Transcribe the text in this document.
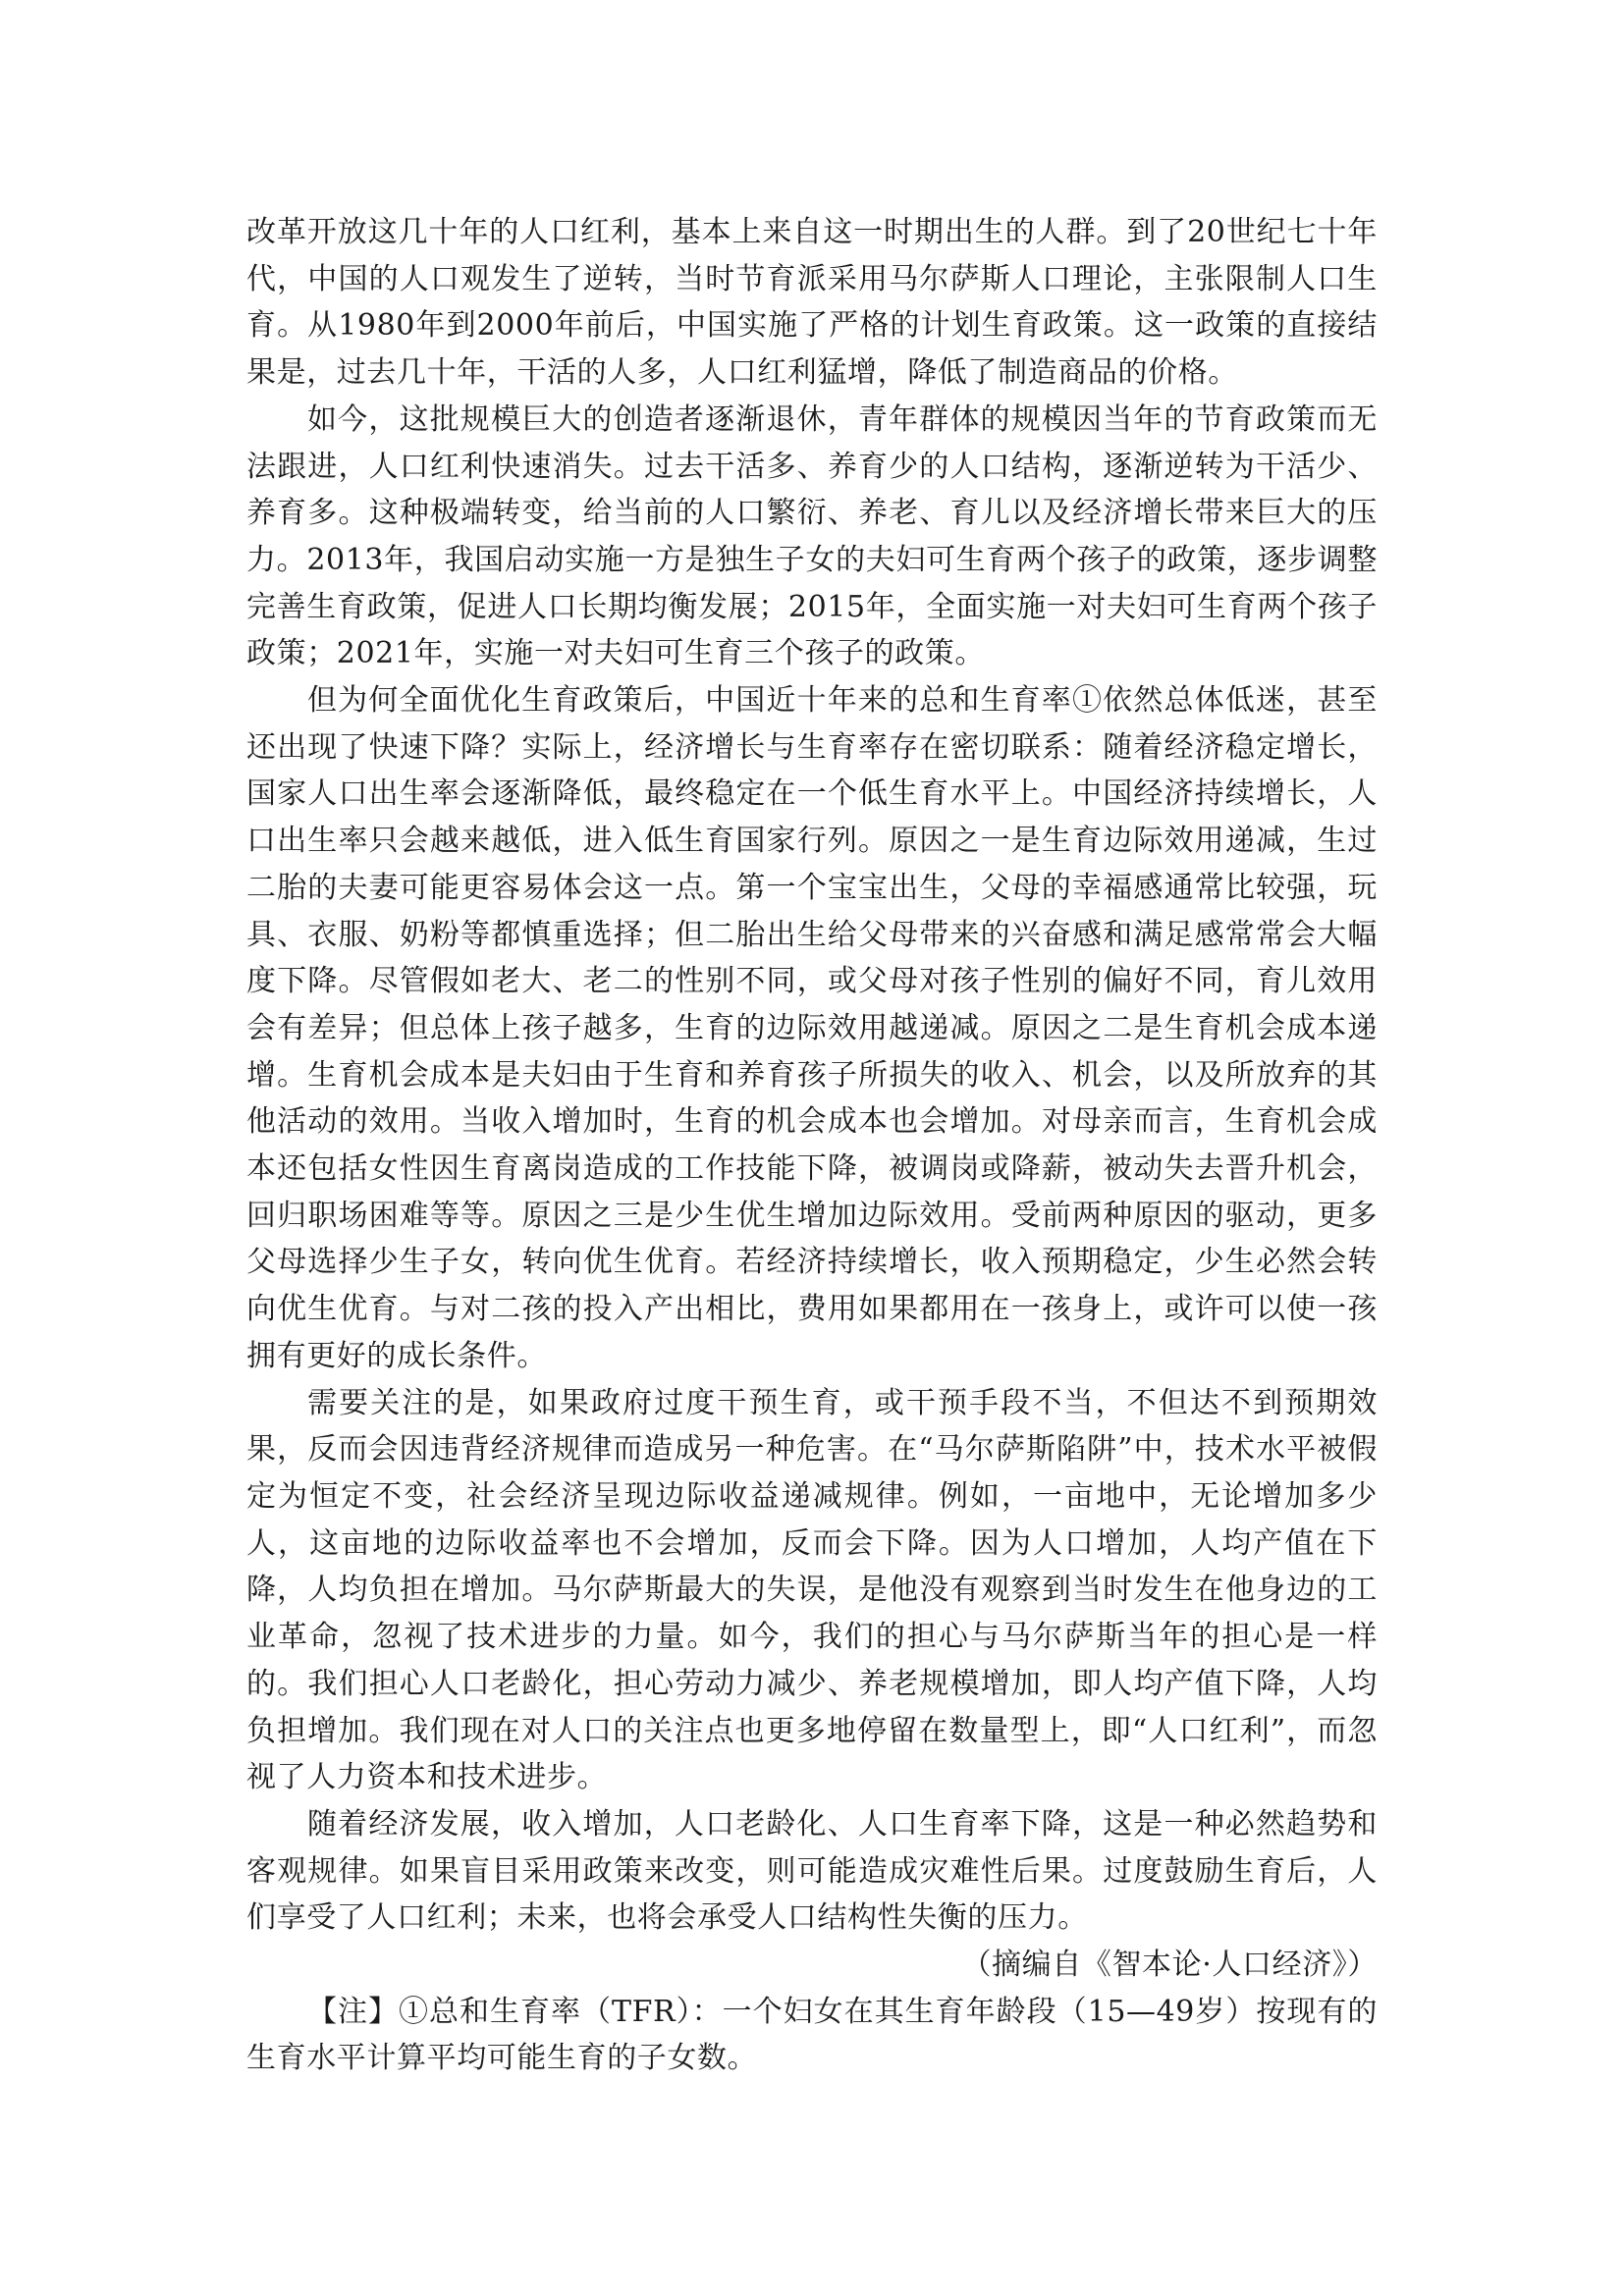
改革开放这几十年的人口红利，基本上来自这一时期出生的人群。到了20世纪七十年代，中国的人口观发生了逆转，当时节育派采用马尔萨斯人口理论，主张限制人口生育。从1980年到2000年前后，中国实施了严格的计划生育政策。这一政策的直接结果是，过去几十年，干活的人多，人口红利猛增，降低了制造商品的价格。

如今，这批规模巨大的创造者逐渐退休，青年群体的规模因当年的节育政策而无法跟进，人口红利快速消失。过去干活多、养育少的人口结构，逐渐逆转为干活少、养育多。这种极端转变，给当前的人口繁衍、养老、育儿以及经济增长带来巨大的压力。2013年，我国启动实施一方是独生子女的夫妇可生育两个孩子的政策，逐步调整完善生育政策，促进人口长期均衡发展；2015年，全面实施一对夫妇可生育两个孩子政策；2021年，实施一对夫妇可生育三个孩子的政策。

但为何全面优化生育政策后，中国近十年来的总和生育率①依然总体低迷，甚至还出现了快速下降？实际上，经济增长与生育率存在密切联系：随着经济稳定增长，国家人口出生率会逐渐降低，最终稳定在一个低生育水平上。中国经济持续增长，人口出生率只会越来越低，进入低生育国家行列。原因之一是生育边际效用递减，生过二胎的夫妻可能更容易体会这一点。第一个宝宝出生，父母的幸福感通常比较强，玩具、衣服、奶粉等都慎重选择；但二胎出生给父母带来的兴奋感和满足感常常会大幅度下降。尽管假如老大、老二的性别不同，或父母对孩子性别的偏好不同，育儿效用会有差异；但总体上孩子越多，生育的边际效用越递减。原因之二是生育机会成本递增。生育机会成本是夫妇由于生育和养育孩子所损失的收入、机会，以及所放弃的其他活动的效用。当收入增加时，生育的机会成本也会增加。对母亲而言，生育机会成本还包括女性因生育离岗造成的工作技能下降，被调岗或降薪，被动失去晋升机会，回归职场困难等等。原因之三是少生优生增加边际效用。受前两种原因的驱动，更多父母选择少生子女，转向优生优育。若经济持续增长，收入预期稳定，少生必然会转向优生优育。与对二孩的投入产出相比，费用如果都用在一孩身上，或许可以使一孩拥有更好的成长条件。

需要关注的是，如果政府过度干预生育，或干预手段不当，不但达不到预期效果，反而会因违背经济规律而造成另一种危害。在“马尔萨斯陷阱”中，技术水平被假定为恒定不变，社会经济呈现边际收益递减规律。例如，一亩地中，无论增加多少人，这亩地的边际收益率也不会增加，反而会下降。因为人口增加，人均产值在下降，人均负担在增加。马尔萨斯最大的失误，是他没有观察到当时发生在他身边的工业革命，忽视了技术进步的力量。如今，我们的担心与马尔萨斯当年的担心是一样的。我们担心人口老龄化，担心劳动力减少、养老规模增加，即人均产值下降，人均负担增加。我们现在对人口的关注点也更多地停留在数量型上，即“人口红利”，而忽视了人力资本和技术进步。

随着经济发展，收入增加，人口老龄化、人口生育率下降，这是一种必然趋势和客观规律。如果盲目采用政策来改变，则可能造成灾难性后果。过度鼓励生育后，人们享受了人口红利；未来，也将会承受人口结构性失衡的压力。

（摘编自《智本论·人口经济》）

【注】①总和生育率（TFR）：一个妇女在其生育年龄段（15—49岁）按现有的生育水平计算平均可能生育的子女数。
